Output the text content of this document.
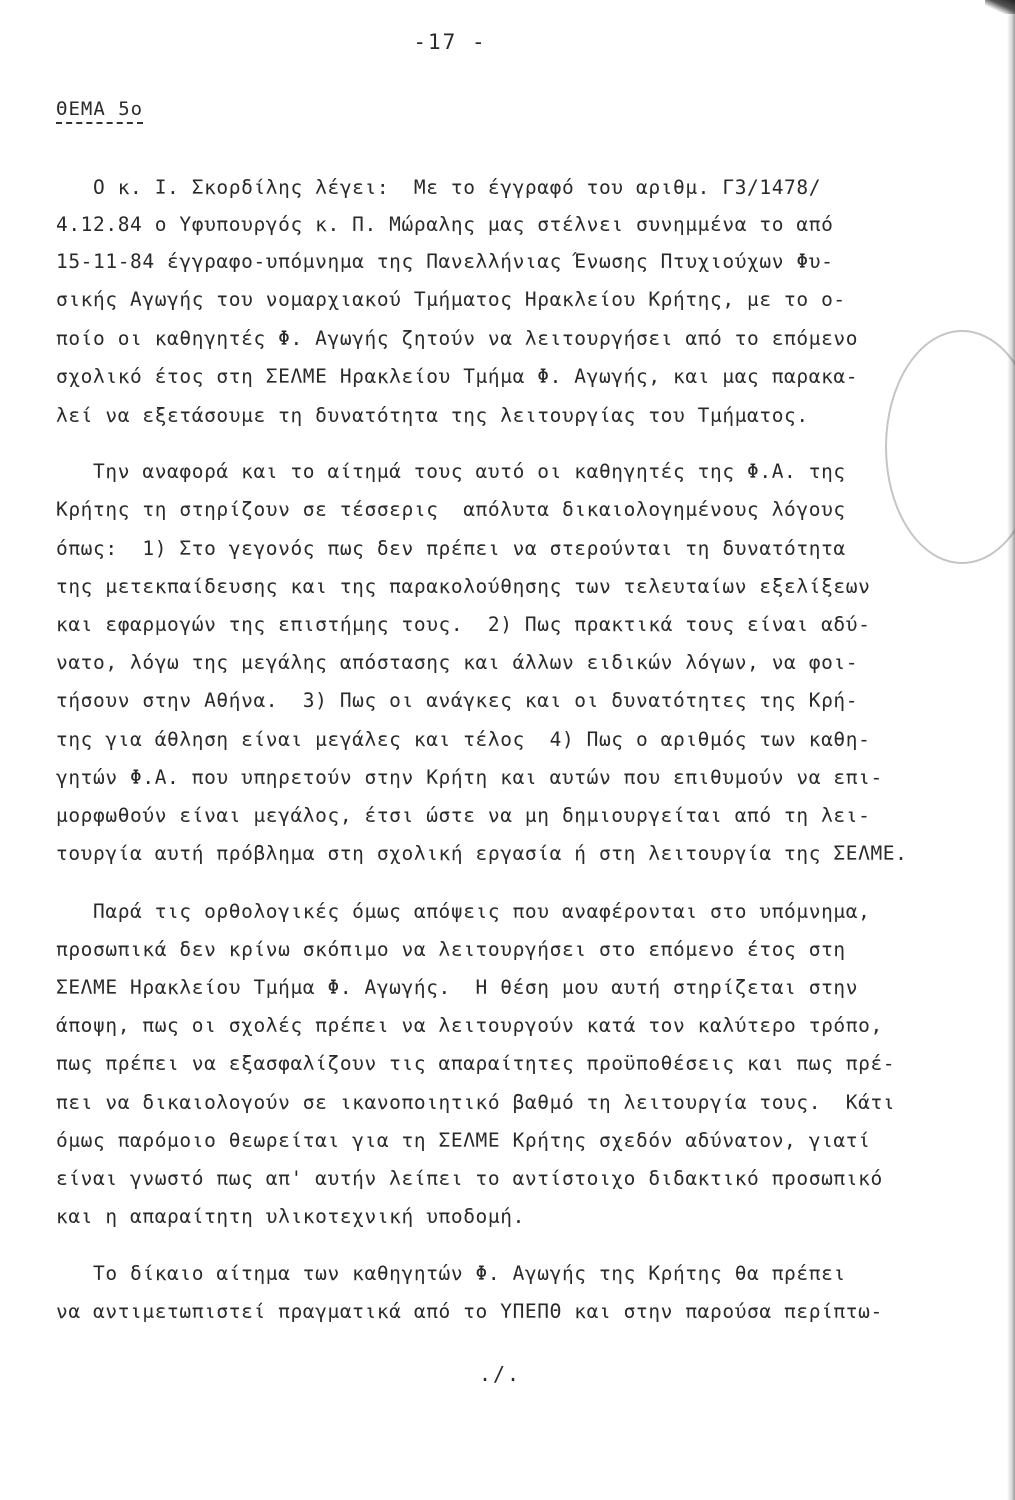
-17 -
ΘΕΜΑ 5ο
Ο κ. Ι. Σκορδίλης λέγει:  Με το έγγραφό του αριθμ. Γ3/1478/
4.12.84 ο Υφυπουργός κ. Π. Μώραλης μας στέλνει συνημμένα το από
15-11-84 έγγραφο-υπόμνημα της Πανελλήνιας Ένωσης Πτυχιούχων Φυ-
σικής Αγωγής του νομαρχιακού Τμήματος Ηρακλείου Κρήτης, με το ο-
ποίο οι καθηγητές Φ. Αγωγής ζητούν να λειτουργήσει από το επόμενο
σχολικό έτος στη ΣΕΛΜΕ Ηρακλείου Τμήμα Φ. Αγωγής, και μας παρακα-
λεί να εξετάσουμε τη δυνατότητα της λειτουργίας του Τμήματος.
Την αναφορά και το αίτημά τους αυτό οι καθηγητές της Φ.Α. της
Κρήτης τη στηρίζουν σε τέσσερις  απόλυτα δικαιολογημένους λόγους
όπως:  1) Στο γεγονός πως δεν πρέπει να στερούνται τη δυνατότητα
της μετεκπαίδευσης και της παρακολούθησης των τελευταίων εξελίξεων
και εφαρμογών της επιστήμης τους.  2) Πως πρακτικά τους είναι αδύ-
νατο, λόγω της μεγάλης απόστασης και άλλων ειδικών λόγων, να φοι-
τήσουν στην Αθήνα.  3) Πως οι ανάγκες και οι δυνατότητες της Κρή-
της για άθληση είναι μεγάλες και τέλος  4) Πως ο αριθμός των καθη-
γητών Φ.Α. που υπηρετούν στην Κρήτη και αυτών που επιθυμούν να επι-
μορφωθούν είναι μεγάλος, έτσι ώστε να μη δημιουργείται από τη λει-
τουργία αυτή πρόβλημα στη σχολική εργασία ή στη λειτουργία της ΣΕΛΜΕ.
Παρά τις ορθολογικές όμως απόψεις που αναφέρονται στο υπόμνημα,
προσωπικά δεν κρίνω σκόπιμο να λειτουργήσει στο επόμενο έτος στη
ΣΕΛΜΕ Ηρακλείου Τμήμα Φ. Αγωγής.  Η θέση μου αυτή στηρίζεται στην
άποψη, πως οι σχολές πρέπει να λειτουργούν κατά τον καλύτερο τρόπο,
πως πρέπει να εξασφαλίζουν τις απαραίτητες προϋποθέσεις και πως πρέ-
πει να δικαιολογούν σε ικανοποιητικό βαθμό τη λειτουργία τους.  Κάτι
όμως παρόμοιο θεωρείται για τη ΣΕΛΜΕ Κρήτης σχεδόν αδύνατον, γιατί
είναι γνωστό πως απ' αυτήν λείπει το αντίστοιχο διδακτικό προσωπικό
και η απαραίτητη υλικοτεχνική υποδομή.
Το δίκαιο αίτημα των καθηγητών Φ. Αγωγής της Κρήτης θα πρέπει
να αντιμετωπιστεί πραγματικά από το ΥΠΕΠΘ και στην παρούσα περίπτω-
./.
